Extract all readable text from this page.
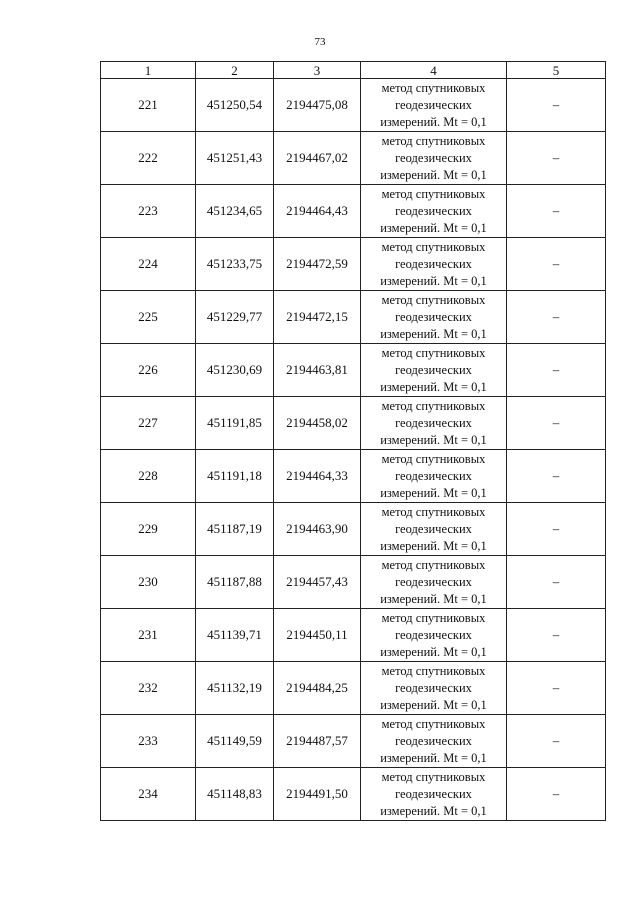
73
1	2	3	4	5
221	451250,54	2194475,08	метод спутниковых
геодезических
измерений. Mt = 0,1	–
222	451251,43	2194467,02	метод спутниковых
геодезических
измерений. Mt = 0,1	–
223	451234,65	2194464,43	метод спутниковых
геодезических
измерений. Mt = 0,1	–
224	451233,75	2194472,59	метод спутниковых
геодезических
измерений. Mt = 0,1	–
225	451229,77	2194472,15	метод спутниковых
геодезических
измерений. Mt = 0,1	–
226	451230,69	2194463,81	метод спутниковых
геодезических
измерений. Mt = 0,1	–
227	451191,85	2194458,02	метод спутниковых
геодезических
измерений. Mt = 0,1	–
228	451191,18	2194464,33	метод спутниковых
геодезических
измерений. Mt = 0,1	–
229	451187,19	2194463,90	метод спутниковых
геодезических
измерений. Mt = 0,1	–
230	451187,88	2194457,43	метод спутниковых
геодезических
измерений. Mt = 0,1	–
231	451139,71	2194450,11	метод спутниковых
геодезических
измерений. Mt = 0,1	–
232	451132,19	2194484,25	метод спутниковых
геодезических
измерений. Mt = 0,1	–
233	451149,59	2194487,57	метод спутниковых
геодезических
измерений. Mt = 0,1	–
234	451148,83	2194491,50	метод спутниковых
геодезических
измерений. Mt = 0,1	–
